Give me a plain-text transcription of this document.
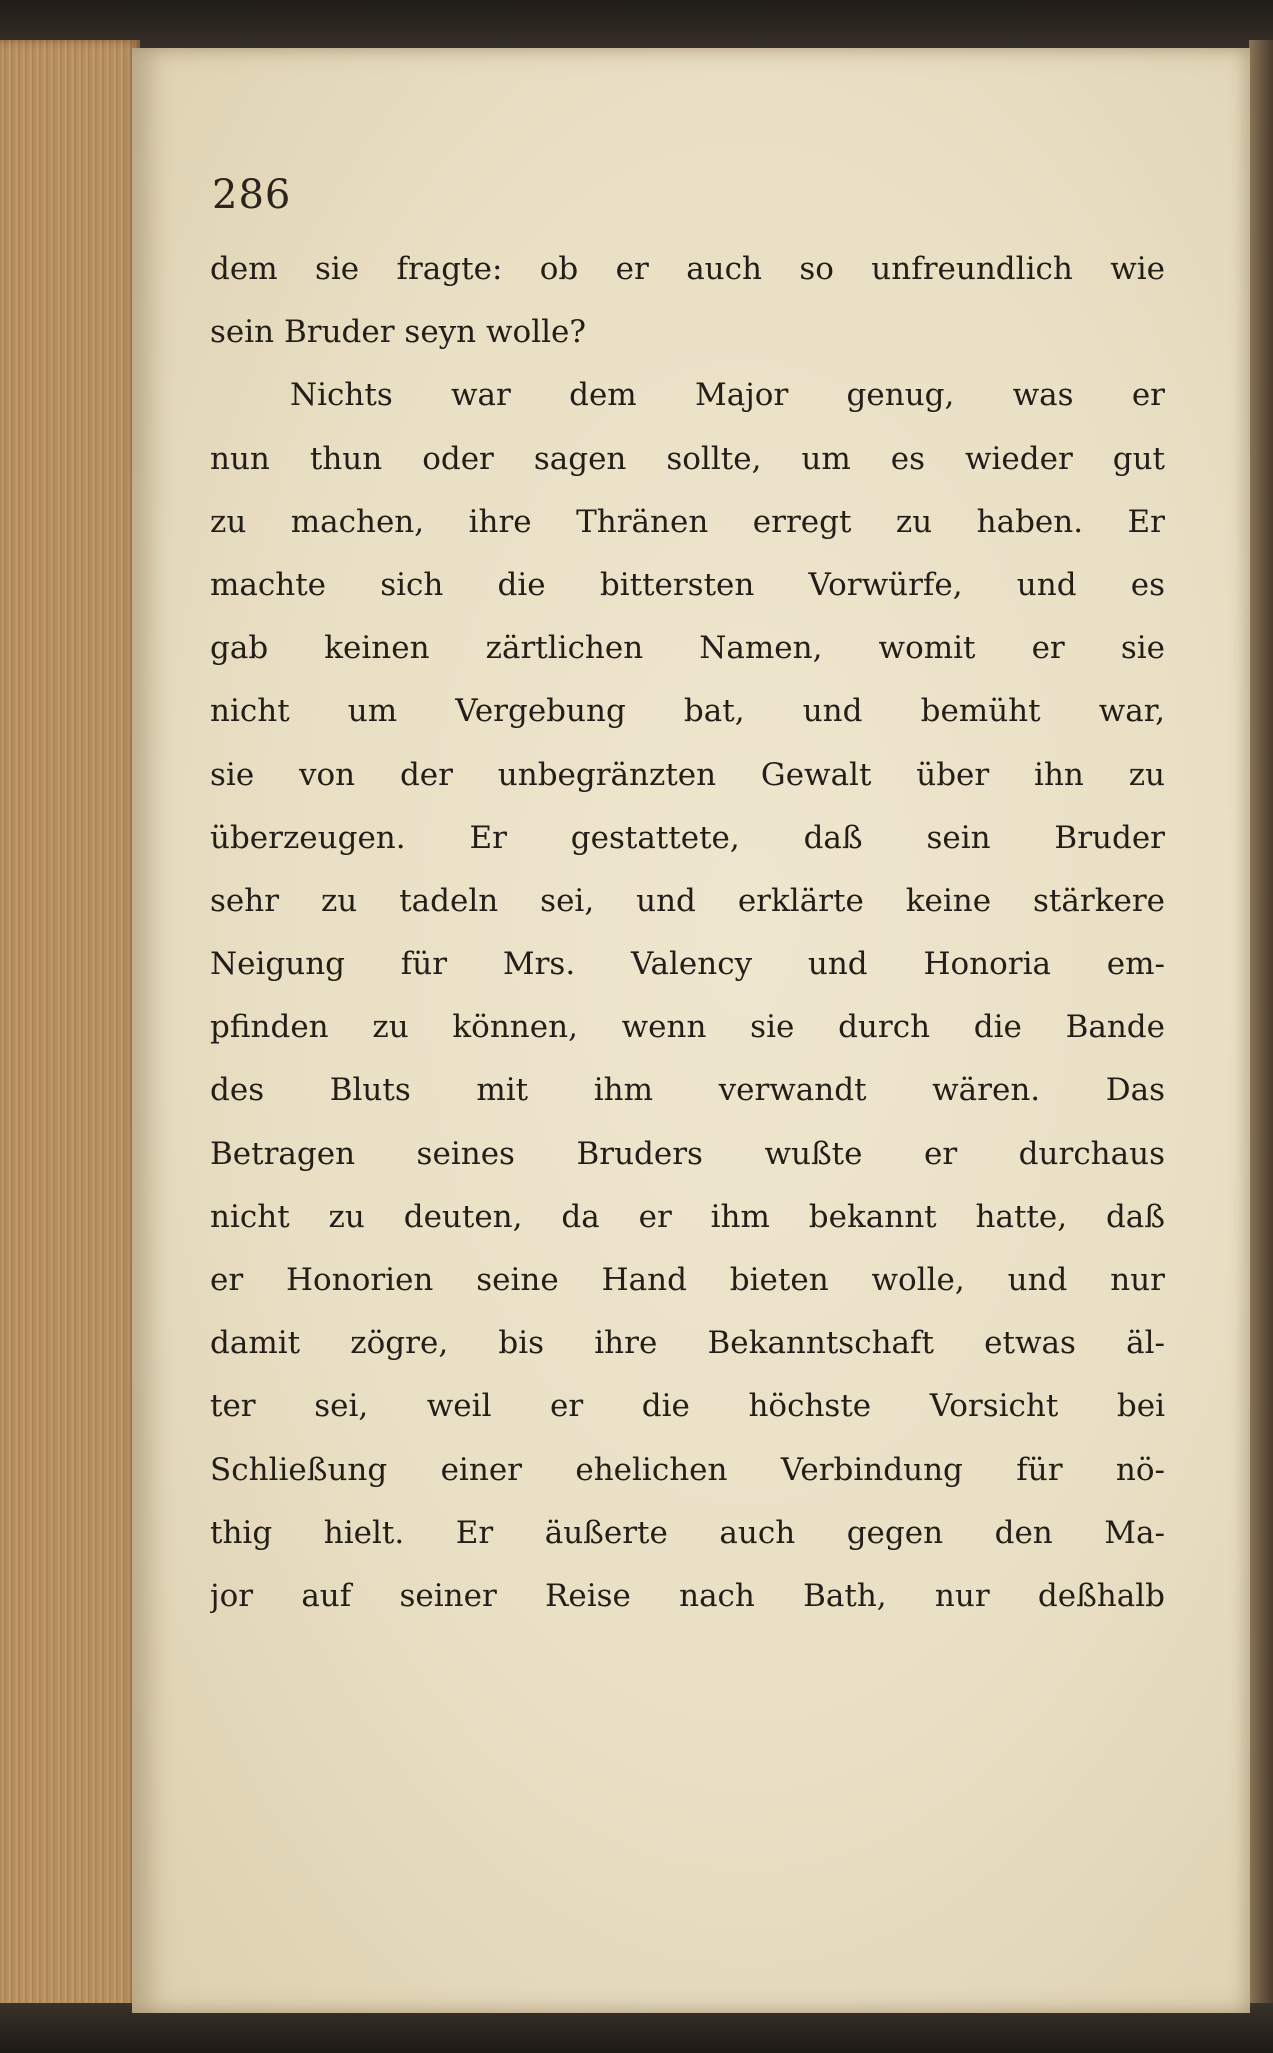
286

dem sie fragte: ob er auch so unfreundlich wie
sein Bruder seyn wolle?
Nichts war dem Major genug, was er
nun thun oder sagen sollte, um es wieder gut
zu machen, ihre Thränen erregt zu haben. Er
machte sich die bittersten Vorwürfe, und es
gab keinen zärtlichen Namen, womit er sie
nicht um Vergebung bat, und bemüht war,
sie von der unbegränzten Gewalt über ihn zu
überzeugen. Er gestattete, daß sein Bruder
sehr zu tadeln sei, und erklärte keine stärkere
Neigung für Mrs. Valency und Honoria em-
pfinden zu können, wenn sie durch die Bande
des Bluts mit ihm verwandt wären. Das
Betragen seines Bruders wußte er durchaus
nicht zu deuten, da er ihm bekannt hatte, daß
er Honorien seine Hand bieten wolle, und nur
damit zögre, bis ihre Bekanntschaft etwas äl-
ter sei, weil er die höchste Vorsicht bei
Schließung einer ehelichen Verbindung für nö-
thig hielt. Er äußerte auch gegen den Ma-
jor auf seiner Reise nach Bath, nur deßhalb
